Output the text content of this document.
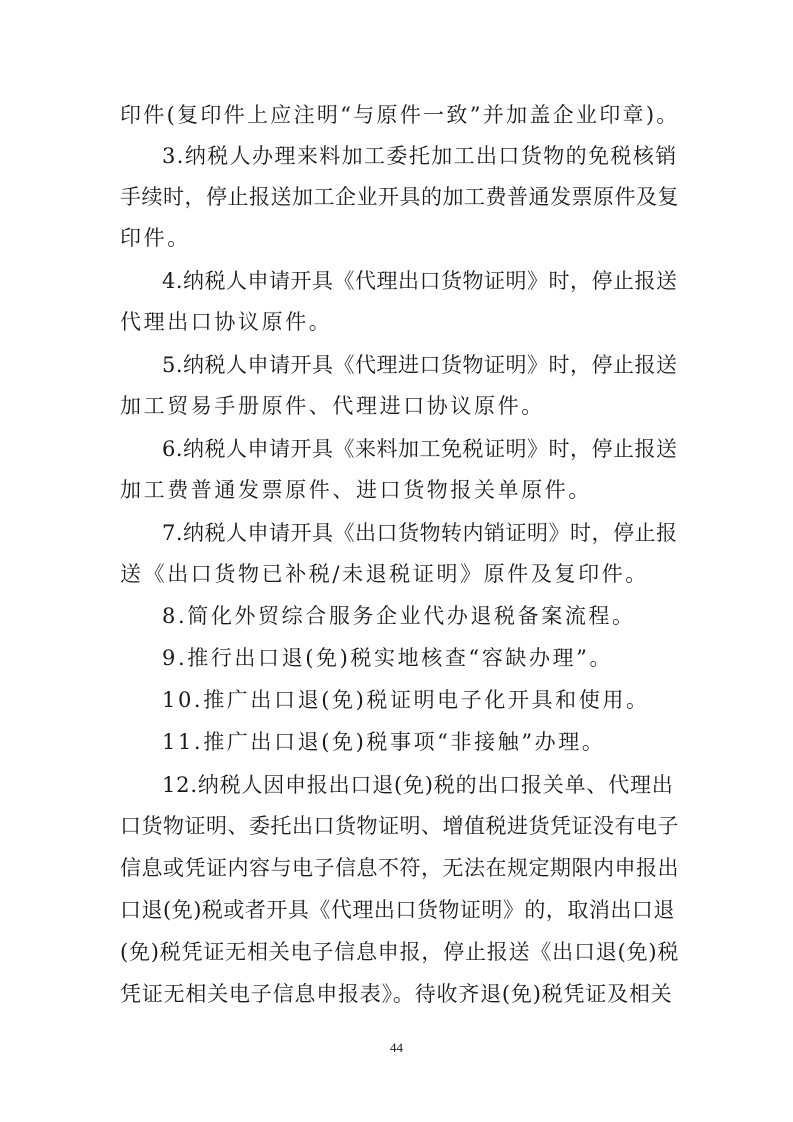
印件(复印件上应注明“与原件一致”并加盖企业印章)。
3.纳税人办理来料加工委托加工出口货物的免税核销
手续时，停止报送加工企业开具的加工费普通发票原件及复
印件。
4.纳税人申请开具《代理出口货物证明》时，停止报送
代理出口协议原件。
5.纳税人申请开具《代理进口货物证明》时，停止报送
加工贸易手册原件、代理进口协议原件。
6.纳税人申请开具《来料加工免税证明》时，停止报送
加工费普通发票原件、进口货物报关单原件。
7.纳税人申请开具《出口货物转内销证明》时，停止报
送《出口货物已补税/未退税证明》原件及复印件。
8.简化外贸综合服务企业代办退税备案流程。
9.推行出口退(免)税实地核查“容缺办理”。
10.推广出口退(免)税证明电子化开具和使用。
11.推广出口退(免)税事项“非接触”办理。
12.纳税人因申报出口退(免)税的出口报关单、代理出
口货物证明、委托出口货物证明、增值税进货凭证没有电子
信息或凭证内容与电子信息不符，无法在规定期限内申报出
口退(免)税或者开具《代理出口货物证明》的，取消出口退
(免)税凭证无相关电子信息申报，停止报送《出口退(免)税
凭证无相关电子信息申报表》。待收齐退(免)税凭证及相关
44
